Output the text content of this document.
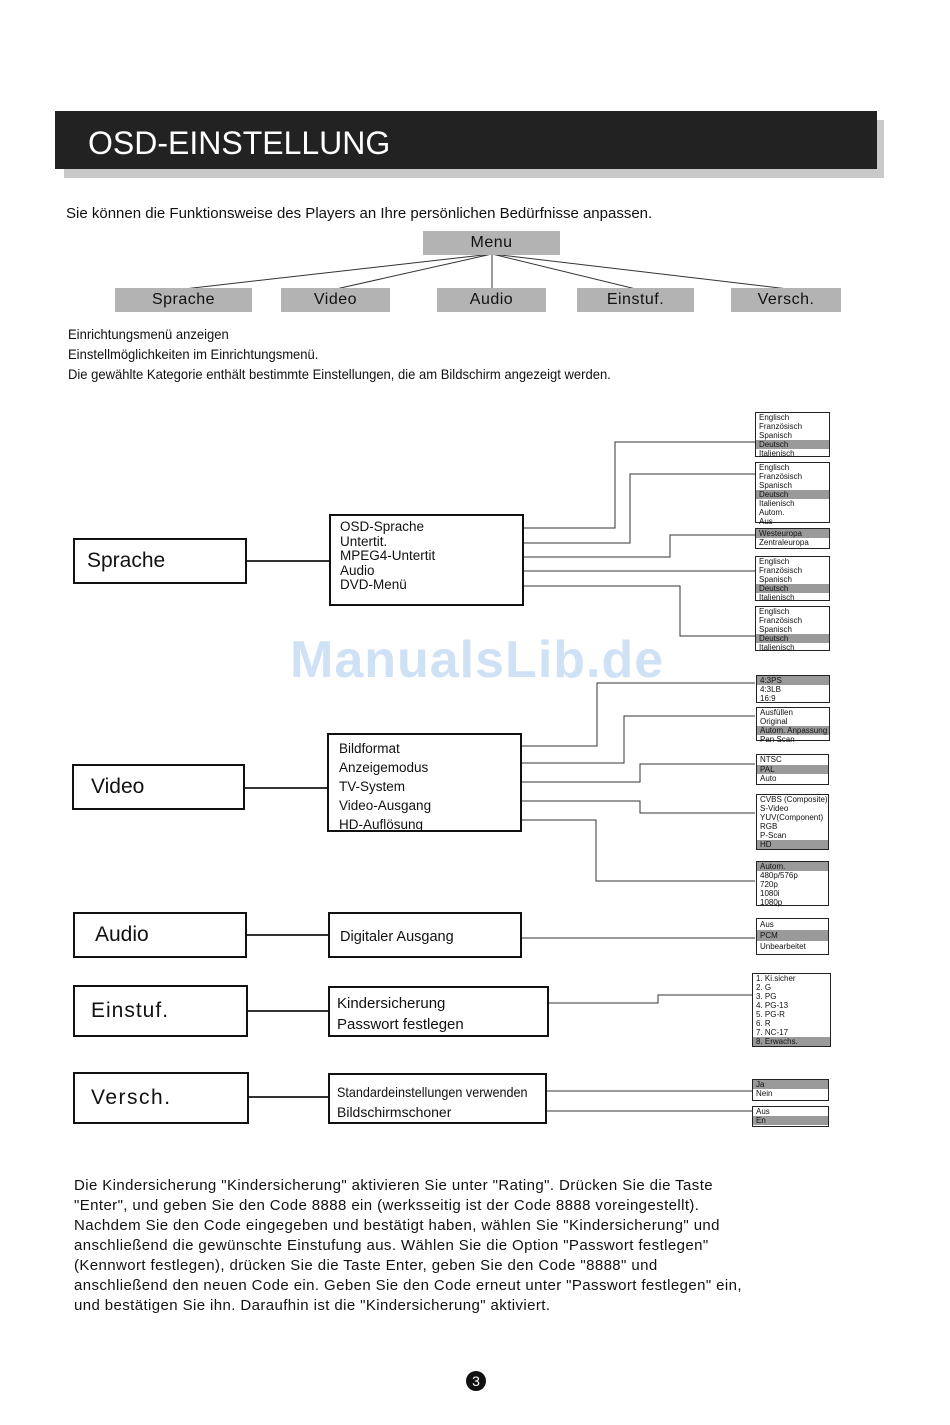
OSD-EINSTELLUNG
Sie können die Funktionsweise des Players an Ihre persönlichen Bedürfnisse anpassen.
Menu
Sprache	Video	Audio	Einstuf.	Versch.
Einrichtungsmenü anzeigen
Einstellmöglichkeiten im Einrichtungsmenü.
Die gewählte Kategorie enthält bestimmte Einstellungen, die am Bildschirm angezeigt werden.
ManualsLib.de
Sprache
OSD-Sprache
Untertit.
MPEG4-Untertit
Audio
DVD-Menü
Englisch
Französisch
Spanisch
Deutsch
Italienisch
Englisch
Französisch
Spanisch
Deutsch
Italienisch
Autom.
Aus
Westeuropa
Zentraleuropa
Englisch
Französisch
Spanisch
Deutsch
Italienisch
Englisch
Französisch
Spanisch
Deutsch
Italienisch
Video
Bildformat
Anzeigemodus
TV-System
Video-Ausgang
HD-Auflösung
4:3PS
4:3LB
16:9
Ausfüllen
Original
Autom. Anpassung
Pan Scan
NTSC
PAL
Auto
CVBS (Composite)
S-Video
YUV(Component)
RGB
P-Scan
HD
Autom.
480p/576p
720p
1080i
1080p
Audio	Digitaler Ausgang
Aus
PCM
Unbearbeitet
Einstuf.	Kindersicherung
Passwort festlegen
1. Ki.sicher
2. G
3. PG
4. PG-13
5. PG-R
6. R
7. NC-17
8. Erwachs.
Versch.	Standardeinstellungen verwenden
Bildschirmschoner
Ja
Nein
Aus
En
Die Kindersicherung "Kindersicherung" aktivieren Sie unter "Rating". Drücken Sie die Taste
"Enter", und geben Sie den Code 8888 ein (werksseitig ist der Code 8888 voreingestellt).
Nachdem Sie den Code eingegeben und bestätigt haben, wählen Sie "Kindersicherung" und
anschließend die gewünschte Einstufung aus. Wählen Sie die Option "Passwort festlegen"
(Kennwort festlegen), drücken Sie die Taste Enter, geben Sie den Code "8888" und
anschließend den neuen Code ein. Geben Sie den Code erneut unter "Passwort festlegen" ein,
und bestätigen Sie ihn. Daraufhin ist die "Kindersicherung" aktiviert.
3
